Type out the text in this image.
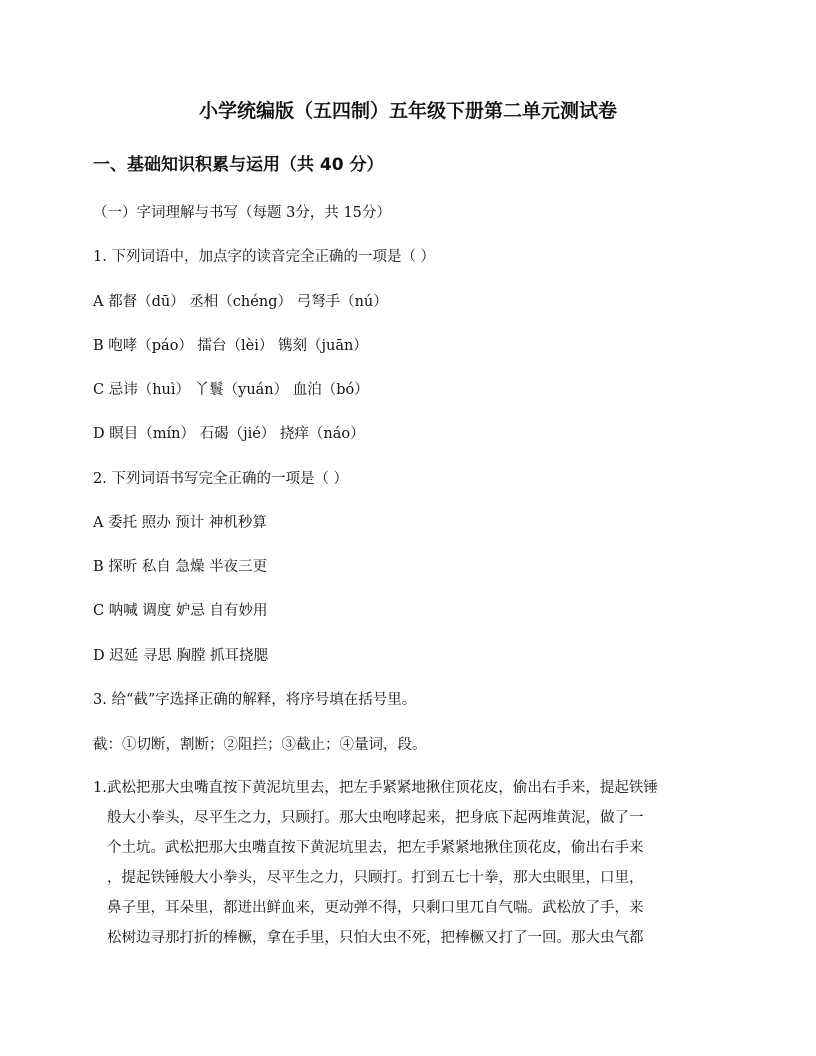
小学统编版（五四制）五年级下册第二单元测试卷
一、基础知识积累与运用（共 40 分）
（一）字词理解与书写（每题 3分，共 15分）
1. 下列词语中，加点字的读音完全正确的一项是（ ）
A 都督（dū） 丞相（chéng） 弓弩手（nú）
B 咆哮（páo） 擂台（lèi） 镌刻（juān）
C 忌讳（huì） 丫鬟（yuán） 血泊（bó）
D 瞑目（mín） 石碣（jié） 挠痒（náo）
2. 下列词语书写完全正确的一项是（ ）
A 委托 照办 预计 神机秒算
B 探听 私自 急燥 半夜三更
C 呐喊 调度 妒忌 自有妙用
D 迟延 寻思 胸膛 抓耳挠腮
3. 给“截”字选择正确的解释，将序号填在括号里。
截：①切断，割断；②阻拦；③截止；④量词，段。
1.武松把那大虫嘴直按下黄泥坑里去，把左手紧紧地揪住顶花皮，偷出右手来，提起铁锤
般大小拳头，尽平生之力，只顾打。那大虫咆哮起来，把身底下起两堆黄泥，做了一
个土坑。武松把那大虫嘴直按下黄泥坑里去，把左手紧紧地揪住顶花皮，偷出右手来
，提起铁锤般大小拳头，尽平生之力，只顾打。打到五七十拳，那大虫眼里，口里，
鼻子里，耳朵里，都迸出鲜血来，更动弹不得，只剩口里兀自气喘。武松放了手，来
松树边寻那打折的棒橛，拿在手里，只怕大虫不死，把棒橛又打了一回。那大虫气都
